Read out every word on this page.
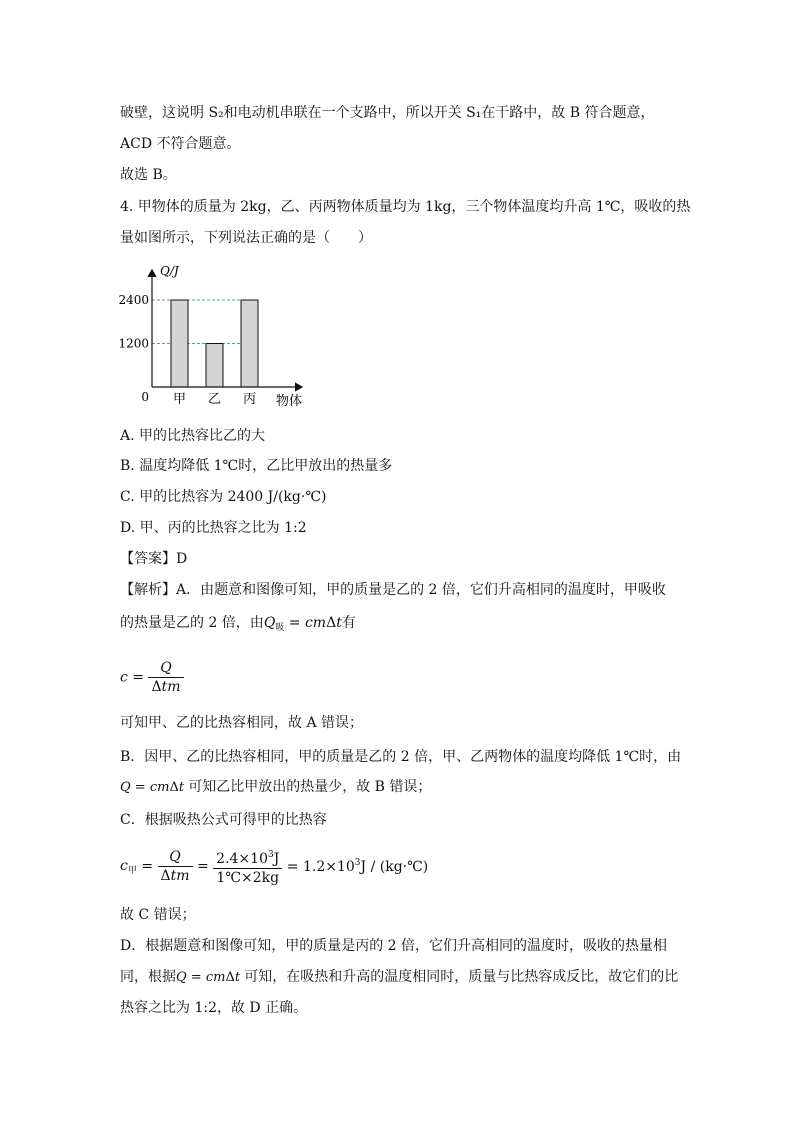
破壁，这说明 S₂和电动机串联在一个支路中，所以开关 S₁在干路中，故 B 符合题意，
ACD 不符合题意。
故选 B。
4. 甲物体的质量为 2kg，乙、丙两物体质量均为 1kg，三个物体温度均升高 1℃，吸收的热
量如图所示，下列说法正确的是（　　）
Q/J
物体
0
1200
2400
甲 乙 丙
A. 甲的比热容比乙的大
B. 温度均降低 1℃时，乙比甲放出的热量多
C. 甲的比热容为 2400 J/(kg·℃)
D. 甲、丙的比热容之比为 1:2
【答案】D
【解析】A．由题意和图像可知，甲的质量是乙的 2 倍，它们升高相同的温度时，甲吸收
的热量是乙的 2 倍，由$Q_吸 = cm\Delta t$有
$c = \frac{Q}{\text{Δtm}}$
可知甲、乙的比热容相同，故 A 错误；
B．因甲、乙的比热容相同，甲的质量是乙的 2 倍，甲、乙两物体的温度均降低 1℃时，由
Q = cmΔt 可知乙比甲放出的热量少，故 B 错误；
C．根据吸热公式可得甲的比热容
$c_甲 = \frac{Q}{\text{Δtm}} = \frac{2.4\times 10^3J}{1℃\times 2kg} = 1.2\times 10^3J$ / (kg·℃)
故 C 错误；
D．根据题意和图像可知，甲的质量是丙的 2 倍，它们升高相同的温度时，吸收的热量相
同，根据Q = cmΔt 可知，在吸热和升高的温度相同时，质量与比热容成反比，故它们的比
热容之比为 1:2，故 D 正确。
